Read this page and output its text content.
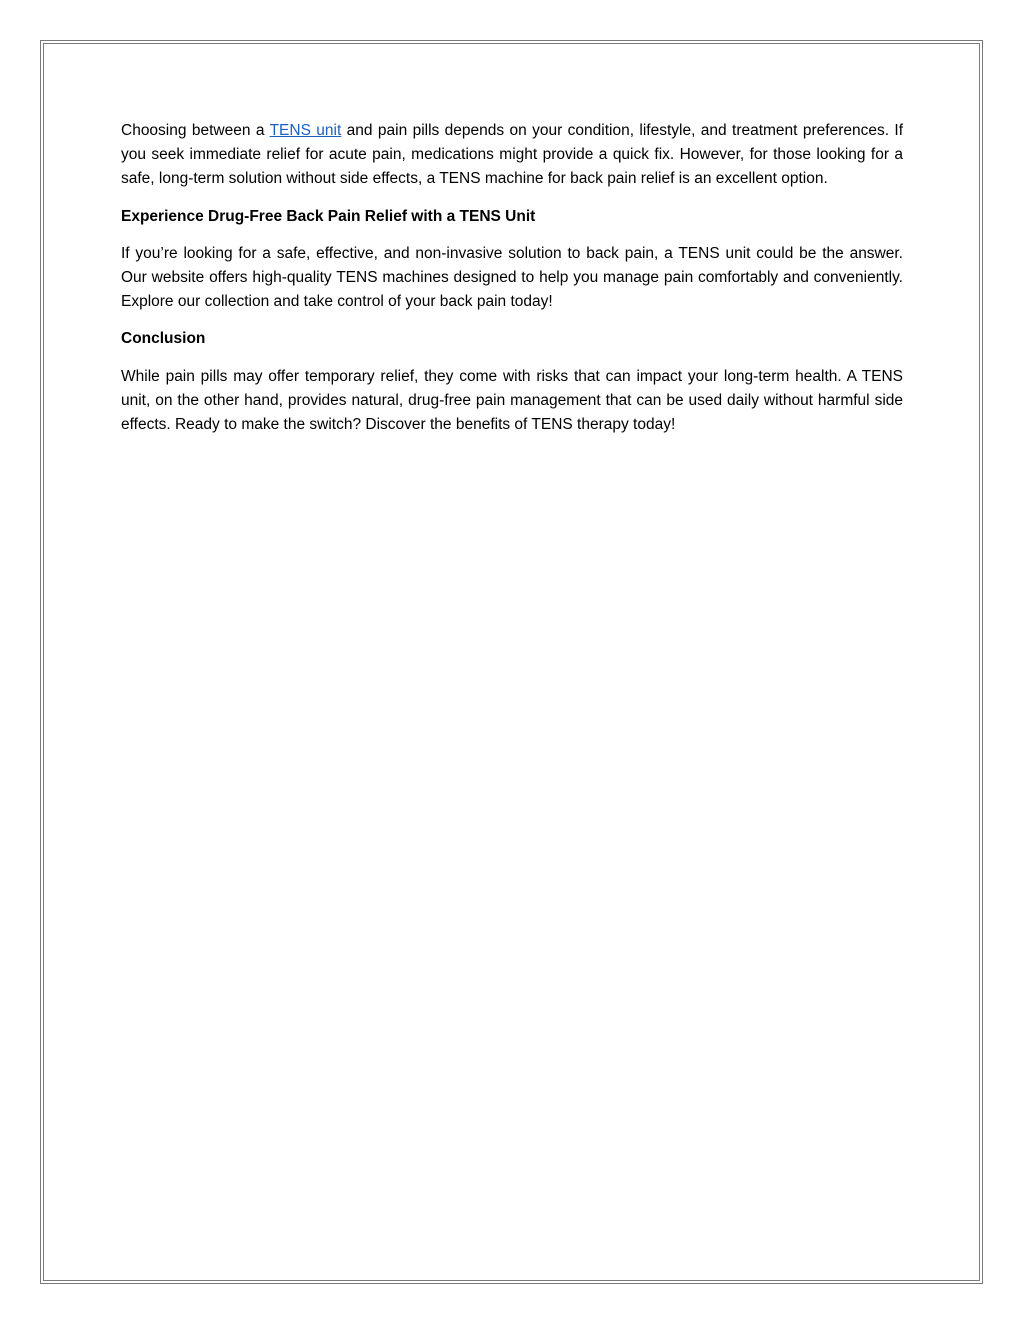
Choosing between a TENS unit and pain pills depends on your condition, lifestyle, and treatment preferences. If you seek immediate relief for acute pain, medications might provide a quick fix. However, for those looking for a safe, long-term solution without side effects, a TENS machine for back pain relief is an excellent option.

Experience Drug-Free Back Pain Relief with a TENS Unit

If you’re looking for a safe, effective, and non-invasive solution to back pain, a TENS unit could be the answer. Our website offers high-quality TENS machines designed to help you manage pain comfortably and conveniently. Explore our collection and take control of your back pain today!

Conclusion

While pain pills may offer temporary relief, they come with risks that can impact your long-term health. A TENS unit, on the other hand, provides natural, drug-free pain management that can be used daily without harmful side effects. Ready to make the switch? Discover the benefits of TENS therapy today!
